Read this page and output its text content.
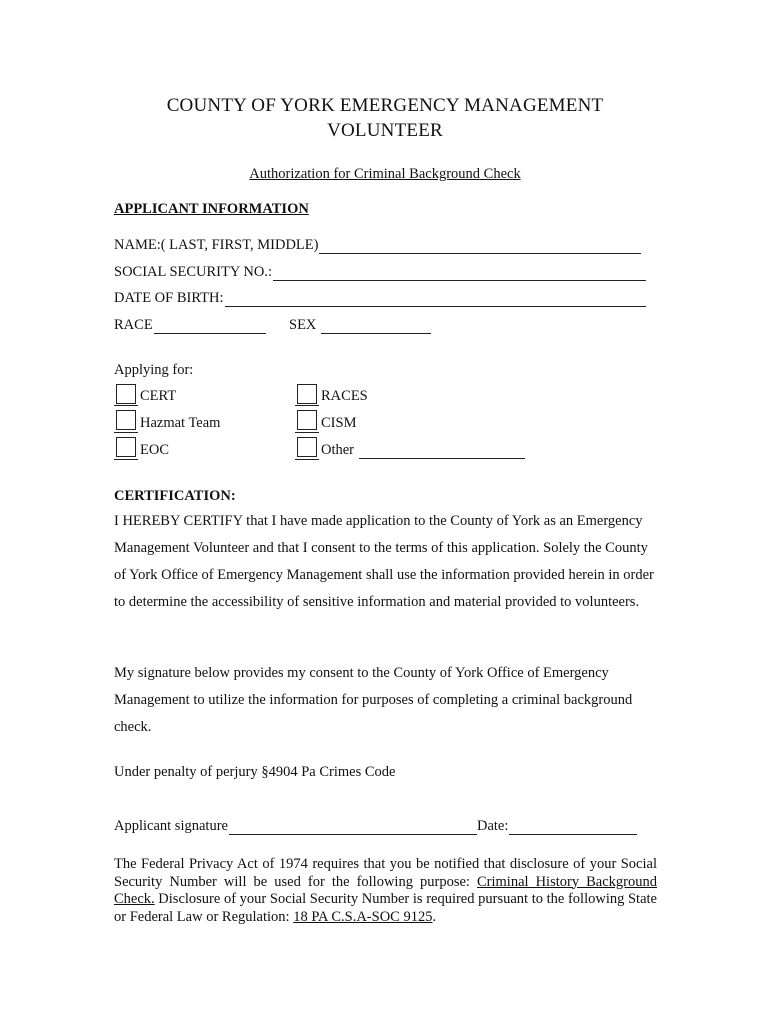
COUNTY OF YORK EMERGENCY MANAGEMENT
VOLUNTEER
Authorization for Criminal Background Check
APPLICANT INFORMATION
NAME:( LAST, FIRST, MIDDLE)
SOCIAL SECURITY NO.:
DATE OF BIRTH:
RACE	SEX
Applying for:
CERT
Hazmat Team
EOC
RACES
CISM
Other
CERTIFICATION:
I HEREBY CERTIFY that I have made application to the County of York as an Emergency Management Volunteer and that I consent to the terms of this application. Solely the County of York Office of Emergency Management shall use the information provided herein in order to determine the accessibility of sensitive information and material provided to volunteers.
My signature below provides my consent to the County of York Office of Emergency Management to utilize the information for purposes of completing a criminal background check.
Under penalty of perjury §4904 Pa Crimes Code
Applicant signature	Date:
The Federal Privacy Act of 1974 requires that you be notified that disclosure of your Social Security Number will be used for the following purpose: Criminal History Background Check. Disclosure of your Social Security Number is required pursuant to the following State or Federal Law or Regulation: 18 PA C.S.A-SOC 9125.
